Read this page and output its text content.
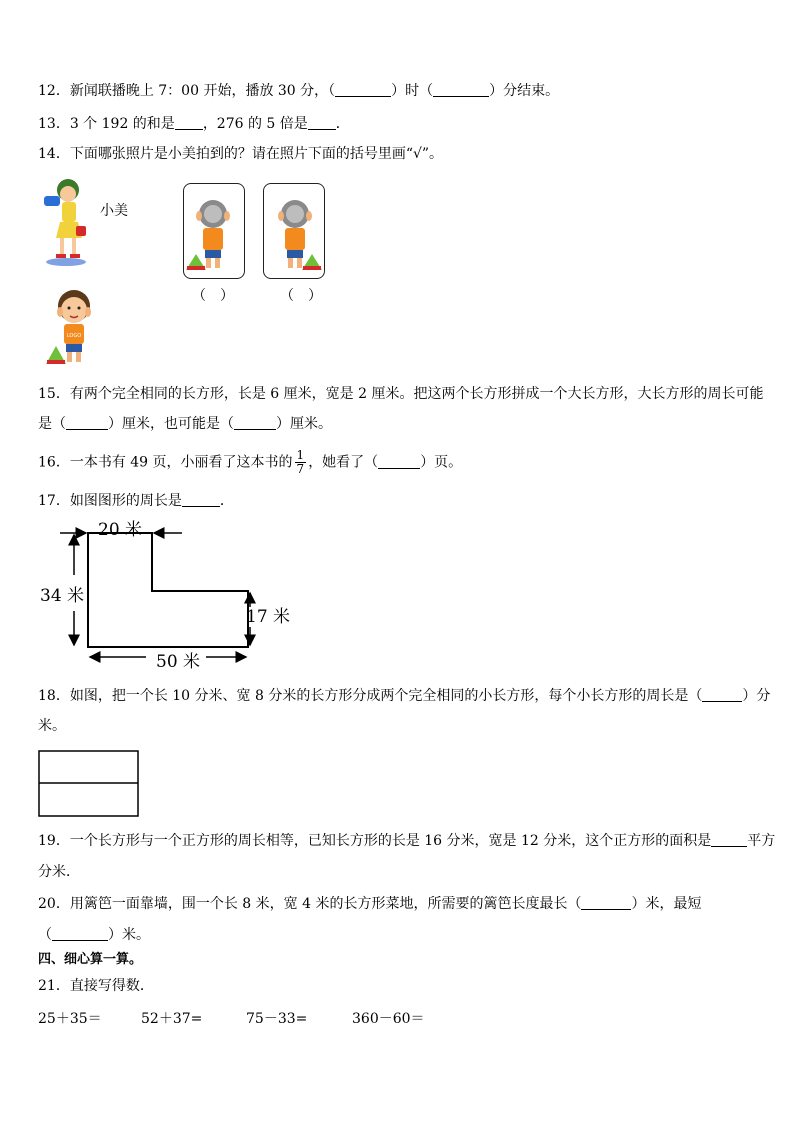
12．新闻联播晚上 7：00 开始，播放 30 分，（	）时（	）分结束。
13．3 个 192 的和是 ，276 的 5 倍是 ．
14．下面哪张照片是小美拍到的？请在照片下面的括号里画“√”。
小美
（　）	（　）
LOGO
15．有两个完全相同的长方形，长是 6 厘米，宽是 2 厘米。把这两个长方形拼成一个大长方形，大长方形的周长可能
是（	）厘米，也可能是（	）厘米。
16．一本书有 49 页，小丽看了这本书的 $\frac{1}{7}$ ，她看了（	）页。
17．如图图形的周长是	．
20 米
34 米
17 米
50 米
18．如图，把一个长 10 分米、宽 8 分米的长方形分成两个完全相同的小长方形，每个小长方形的周长是（	）分
米。
19．一个长方形与一个正方形的周长相等，已知长方形的长是 16 分米，宽是 12 分米，这个正方形的面积是	平方
分米．
20．用篱笆一面靠墙，围一个长 8 米，宽 4 米的长方形菜地，所需要的篱笆长度最长（	）米，最短
（	）米。
四、细心算一算。
21．直接写得数．
25＋35＝	52＋37=	75－33=	360－60＝
